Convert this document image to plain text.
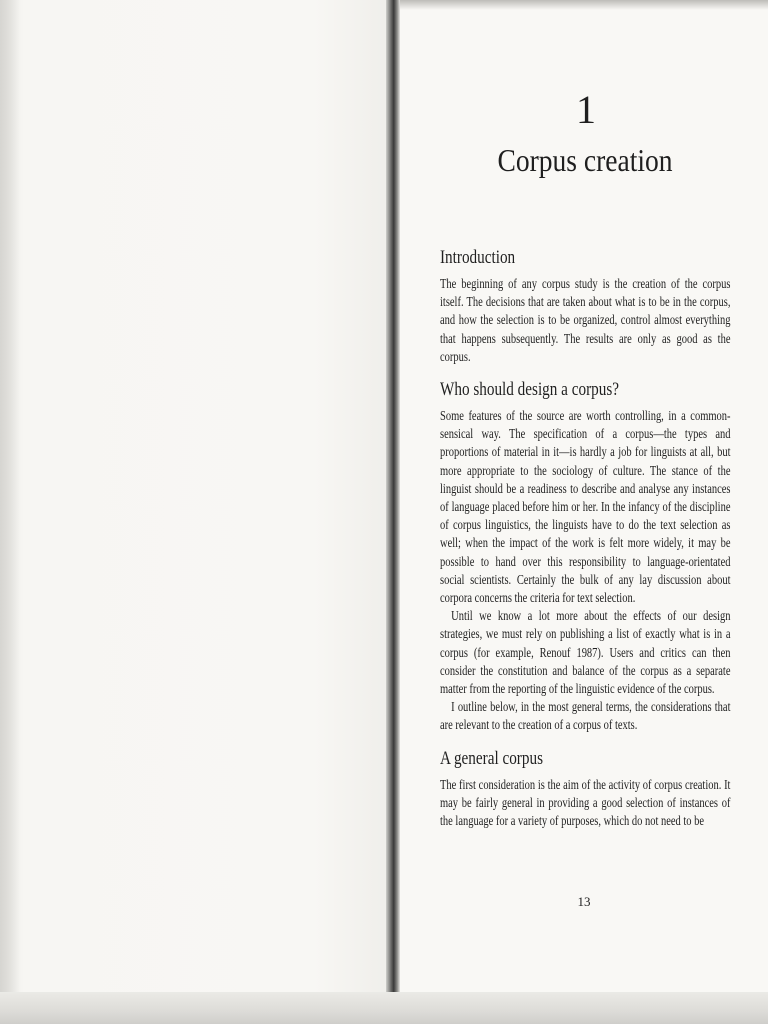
1
Corpus creation
Introduction

The beginning of any corpus study is the creation of the corpus itself. The decisions that are taken about what is to be in the corpus, and how the selection is to be organized, control almost everything that happens subsequently. The results are only as good as the corpus.

Who should design a corpus?

Some features of the source are worth controlling, in a common-sensical way. The specification of a corpus—the types and proportions of material in it—is hardly a job for linguists at all, but more appropriate to the sociology of culture. The stance of the linguist should be a readiness to describe and analyse any instances of language placed before him or her. In the infancy of the discipline of corpus linguistics, the linguists have to do the text selection as well; when the impact of the work is felt more widely, it may be possible to hand over this responsibility to language-orientated social scientists. Certainly the bulk of any lay discussion about corpora concerns the criteria for text selection.

Until we know a lot more about the effects of our design strategies, we must rely on publishing a list of exactly what is in a corpus (for example, Renouf 1987). Users and critics can then consider the constitution and balance of the corpus as a separate matter from the reporting of the linguistic evidence of the corpus.

I outline below, in the most general terms, the considerations that are relevant to the creation of a corpus of texts.

A general corpus

The first consideration is the aim of the activity of corpus creation. It may be fairly general in providing a good selection of instances of the language for a variety of purposes, which do not need to be

13
